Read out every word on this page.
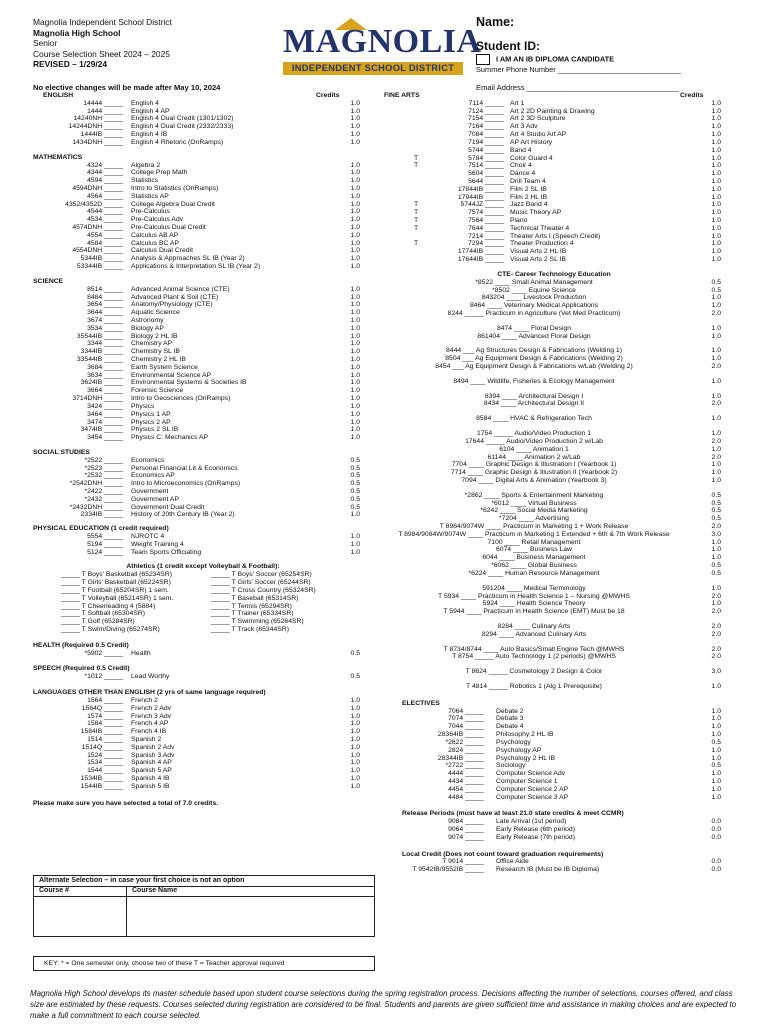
Magnolia Independent School District
Magnolia High School
Senior
Course Selection Sheet 2024 – 2025
REVISED – 1/29/24
MAGNOLIA
INDEPENDENT SCHOOL DISTRICT
Name:
Student ID:
I AM AN IB DIPLOMA CANDIDATE
Summer Phone Number ______________________________
No elective changes will be made after May 10, 2024	Email Address ____________________________________
ENGLISH	Credits
14444 _____ English 4	1.0
1444 _____ English 4 AP	1.0
14240NH _____ English 4 Dual Credit (1301/1302)	1.0
14244DNH _____ English 4 Dual Credit (2332/2333)	1.0
1444IB _____ English 4 IB	1.0
1434DNH _____ English 4 Rhetoric (OnRamps)	1.0
MATHEMATICS
4324 _____ Algebra 2	1.0
4344 _____ College Prep Math	1.0
4594 _____ Statistics	1.0
4594DNH _____ Intro to Statistics (OnRamps)	1.0
4564 _____ Statistics AP	1.0
4352/4352D _____ College Algebra Dual Credit	1.0
4544 _____ Pre-Calculus	1.0
4534 _____ Pre-Calculus Adv	1.0
4574DNH _____ Pre-Calculus Dual Credit	1.0
4554 _____ Calculus AB AP	1.0
4584 _____ Calculus BC AP	1.0
4554DNH _____ Calculus Dual Credit	1.0
5344IB _____ Analysis & Approaches SL IB (Year 2)	1.0
53344IB _____ Applications & Interpretation SL IB (Year 2)	1.0
SCIENCE
8514 _____ Advanced Animal Science (CTE)	1.0
8484 _____ Advanced Plant & Soil (CTE)	1.0
3654 _____ Anatomy/Physiology (CTE)	1.0
3644 _____ Aquatic Science	1.0
3674 _____ Astronomy	1.0
3534 _____ Biology AP	1.0
35544IB _____ Biology 2 HL IB	1.0
3344 _____ Chemistry AP	1.0
3344IB _____ Chemistry SL IB	1.0
33544IB _____ Chemistry 2 HL IB	1.0
3684 _____ Earth System Science	1.0
3634 _____ Environmental Science AP	1.0
3624IB _____ Environmental Systems & Societies IB	1.0
3664 _____ Forensic Science	1.0
3714DNH _____ Intro to Geosciences (OnRamps)	1.0
3424 _____ Physics	1.0
3464 _____ Physics 1 AP	1.0
3474 _____ Physics 2 AP	1.0
3474IB _____ Physics 2 SL IB	1.0
3454 _____ Physics C: Mechanics AP	1.0
SOCIAL STUDIES
*2522 _____ Economics	0.5
*2523 _____ Personal Financial Lit & Economics	0.5
*2532 _____ Economics AP	0.5
*2542DNH _____ Intro to Microeconomics (OnRamps)	0.5
*2422 _____ Government	0.5
*2432 _____ Government AP	0.5
*2432DNH _____ Government Dual Credit	0.5
2334IB _____ History of 20th Century IB (Year 2)	1.0
PHYSICAL EDUCATION (1 credit required)
5554 _____ NJROTC 4	1.0
5194 _____ Weight Training 4	1.0
5124 _____ Team Sports Officiating	1.0
Athletics (1 credit except Volleyball & Football):
_____ T Boys' Basketball (65234SR)	_____ T Boys' Soccer (65254SR)
_____ T Girls' Basketball (65224SR)	_____ T Girls' Soccer (65244SR)
_____ T Football (65204SR) 1 sem.	_____ T Cross Country (65324SR)
_____ T Volleyball (65214SR) 1 sem.	_____ T Baseball (65314SR)
_____ T Cheerleading 4 (5884)	_____ T Tennis (65294SR)
_____ T Softball (65304SR)	_____ T Trainer (65334SR)
_____ T Golf (65284SR)	_____ T Swimming (65264SR)
_____ T Swim/Diving (65274SR)	_____ T Track (65344SR)
HEALTH (Required 0.5 Credit)
*5902 _____ Health	0.5
SPEECH (Required 0.5 Credit)
*1012 _____ Lead Worthy	0.5
LANGUAGES OTHER THAN ENGLISH (2 yrs of same language required)
1564 _____ French 2	1.0
1564Q _____ French 2 Adv	1.0
1574 _____ French 3 Adv	1.0
1584 _____ French 4 AP	1.0
1584IB _____ French 4 IB	1.0
1514 _____ Spanish 2	1.0
1514Q _____ Spanish 2 Adv	1.0
1524 _____ Spanish 3 Adv	1.0
1534 _____ Spanish 4 AP	1.0
1544 _____ Spanish 5 AP	1.0
1534IB _____ Spanish 4 IB	1.0
1544IB _____ Spanish 5 IB	1.0
Please make sure you have selected a total of 7.0 credits.
FINE ARTS	Credits
7114 _____ Art 1	1.0
7124 _____ Art 2 2D Painting & Drawing	1.0
7154 _____ Art 2 3D Sculpture	1.0
7164 _____ Art 3 Adv	1.0
7084 _____ Art 4 Studio Art AP	1.0
7194 _____ AP Art History	1.0
5744 _____ Band 4	1.0
T	5784 _____ Color Guard 4	1.0
T	7514 _____ Choir 4	1.0
5604 _____ Dance 4	1.0
5644 _____ Drill Team 4	1.0
17844IB _____ Film 2 SL IB	1.0
17944IB _____ Film 2 HL IB	1.0
T	5744JZ _____ Jazz Band 4	1.0
T	7574 _____ Music Theory AP	1.0
T	7564 _____ Piano	1.0
T	7644 _____ Technical Theater 4	1.0
7214 _____ Theater Arts I (Speech Credit)	1.0
T	7294 _____ Theater Production 4	1.0
17744IB _____ Visual Arts 2 HL IB	1.0
17644IB _____ Visual Arts 2 SL IB	1.0
CTE- Career Technology Education
*8522 ____ Small Animal Management	0.5
*8502 ____ Equine Science	0.5
843204 ____ Livestock Production	1.0
8464 ____ Veterinary Medical Applications	1.0
8244 _____ Practicum in Agriculture (Vet Med Practicum)	2.0
8474 ____ Floral Design	1.0
861404 ____ Advanced Floral Design	1.0
8444 ___ Ag Structures Design & Fabrications (Welding 1)	1.0
8504 ___ Ag Equipment Design & Fabrications (Welding 2)	1.0
8454 ___ Ag Equipment Design & Fabrications w/Lab (Welding 2)	2.0
8494 ____ Wildlife, Fisheries & Ecology Management	1.0
8394 ____ Architectural Design I	1.0
8434 ____ Architectural Design II	2.0
8584 ____ HVAC & Refrigeration Tech	1.0
1754 _____ Audio/Video Production 1	1.0
17644 _____ Audio/Video Production 2 w/Lab	2.0
6104 ____ Animation 1	1.0
61144 ____ Animation 2 w/Lab	2.0
7704 ____ Graphic Design & Illustration I (Yearbook 1)	1.0
7714 ____ Graphic Design & Illustration II (Yearbook 2)	1.0
7094 ____ Digital Arts & Animation (Yearbook 3)	1.0
*2862 ____ Sports & Entertainment Marketing	0.5
*6012 ____ Virtual Business	0.5
*6242 ____ Social Media Marketing	0.5
*7204 ____ Advertising	0.5
T 8964/9074W ____ Practicum in Marketing 1 + Work Release	2.0
T 8984/9084W/9074W ____ Practicum in Marketing 1 Extended + 6th & 7th Work Release	3.0
7100 ____ Retail Management	1.0
6074 ____ Business Law	1.0
6044 ____ Business Management	1.0
*6062 ____ Global Business	0.5
*6224 ____ Human Resource Management	0.5
591204 ____ Medical Terminology	1.0
T 5934 ____ Practicum in Health Science 1 – Nursing @MWHS	2.0
5924 ____ Health Science Theory	1.0
T 5944 ____ Practicum in Health Science (EMT) Must be 18	2.0
8284 ____ Culinary Arts	2.0
8294 ____ Advanced Culinary Arts	2.0
T 8734/8744 ____ Auto Basics/Small Engine Tech @MWHS	2.0
T 8754 _____ Auto Technology 1 (2 periods) @MWHS	2.0
T 8624 _____ Cosmetology 2 Design & Color	3.0
T 4814 _____ Robotics 1 (Alg 1 Prerequisite)	1.0
ELECTIVES
7064 _____ Debate 2	1.0
7074 _____ Debate 3	1.0
7044 _____ Debate 4	1.0
28364IB _____ Philosophy 2 HL IB	1.0
*2622 _____ Psychology	0.5
2824 _____ Psychology AP	1.0
28344IB _____ Psychology 2 HL IB	1.0
*2722 _____ Sociology	0.5
4444 _____ Computer Science Adv	1.0
4434 _____ Computer Science 1	1.0
4454 _____ Computer Science 2 AP	1.0
4484 _____ Computer Science 3 AP	1.0
Release Periods (must have at least 21.0 state credits & meet CCMR)
9084 _____ Late Arrival (1st period)	0.0
9064 _____ Early Release (6th period)	0.0
9074 _____ Early Release (7th period)	0.0
Local Credit (Does not count toward graduation requirements)
T 9014 _____ Office Aide	0.0
T 9542IB/9552IB _____ Research IB (Must be IB Diploma)	0.0
Alternate Selection – in case your first choice is not an option
Course #	Course Name
KEY: * = One semester only, choose two of these T = Teacher approval required
Magnolia High School develops its master schedule based upon student course selections during the spring registration process. Decisions affecting the number of selections, courses offered, and class size are estimated by these requests. Courses selected during registration are considered to be final. Students and parents are given sufficient time and assistance in making choices and are expected to make a full commitment to each course selected.
